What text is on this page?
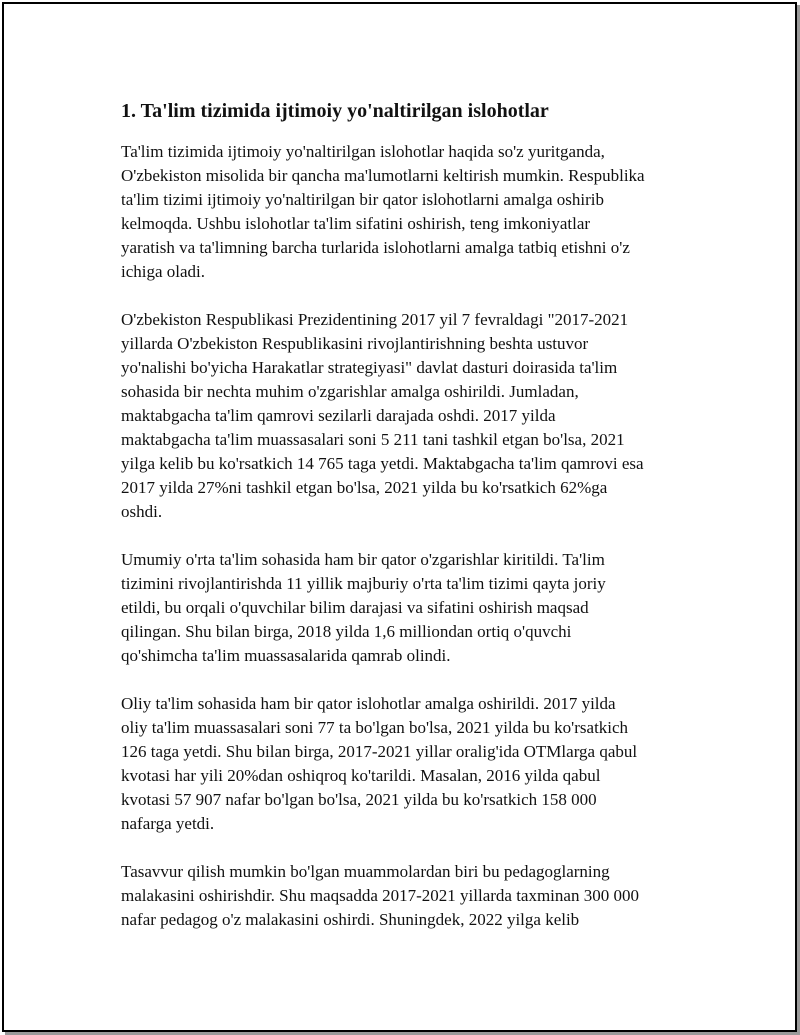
1. Ta'lim tizimida ijtimoiy yo'naltirilgan islohotlar

Ta'lim tizimida ijtimoiy yo'naltirilgan islohotlar haqida so'z yuritganda,
O'zbekiston misolida bir qancha ma'lumotlarni keltirish mumkin. Respublika
ta'lim tizimi ijtimoiy yo'naltirilgan bir qator islohotlarni amalga oshirib
kelmoqda. Ushbu islohotlar ta'lim sifatini oshirish, teng imkoniyatlar
yaratish va ta'limning barcha turlarida islohotlarni amalga tatbiq etishni o'z
ichiga oladi.

O'zbekiston Respublikasi Prezidentining 2017 yil 7 fevraldagi "2017-2021
yillarda O'zbekiston Respublikasini rivojlantirishning beshta ustuvor
yo'nalishi bo'yicha Harakatlar strategiyasi" davlat dasturi doirasida ta'lim
sohasida bir nechta muhim o'zgarishlar amalga oshirildi. Jumladan,
maktabgacha ta'lim qamrovi sezilarli darajada oshdi. 2017 yilda
maktabgacha ta'lim muassasalari soni 5 211 tani tashkil etgan bo'lsa, 2021
yilga kelib bu ko'rsatkich 14 765 taga yetdi. Maktabgacha ta'lim qamrovi esa
2017 yilda 27%ni tashkil etgan bo'lsa, 2021 yilda bu ko'rsatkich 62%ga
oshdi.

Umumiy o'rta ta'lim sohasida ham bir qator o'zgarishlar kiritildi. Ta'lim
tizimini rivojlantirishda 11 yillik majburiy o'rta ta'lim tizimi qayta joriy
etildi, bu orqali o'quvchilar bilim darajasi va sifatini oshirish maqsad
qilingan. Shu bilan birga, 2018 yilda 1,6 milliondan ortiq o'quvchi
qo'shimcha ta'lim muassasalarida qamrab olindi.

Oliy ta'lim sohasida ham bir qator islohotlar amalga oshirildi. 2017 yilda
oliy ta'lim muassasalari soni 77 ta bo'lgan bo'lsa, 2021 yilda bu ko'rsatkich
126 taga yetdi. Shu bilan birga, 2017-2021 yillar oralig'ida OTMlarga qabul
kvotasi har yili 20%dan oshiqroq ko'tarildi. Masalan, 2016 yilda qabul
kvotasi 57 907 nafar bo'lgan bo'lsa, 2021 yilda bu ko'rsatkich 158 000
nafarga yetdi.

Tasavvur qilish mumkin bo'lgan muammolardan biri bu pedagoglarning
malakasini oshirishdir. Shu maqsadda 2017-2021 yillarda taxminan 300 000
nafar pedagog o'z malakasini oshirdi. Shuningdek, 2022 yilga kelib
